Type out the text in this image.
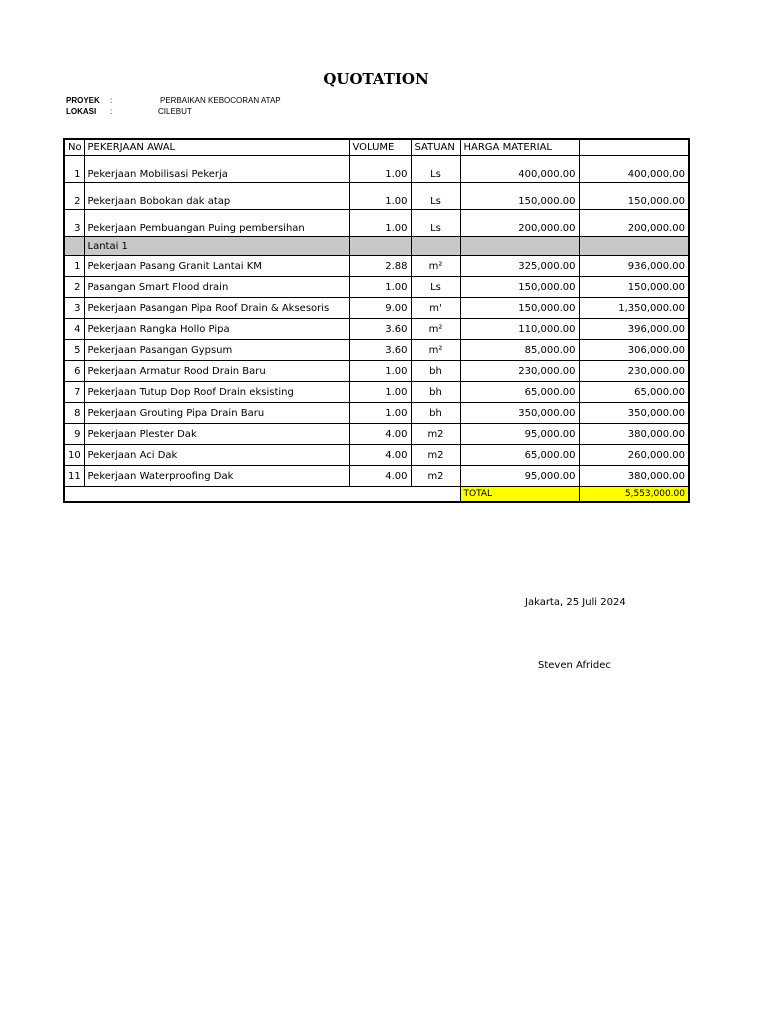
QUOTATION
PROYEK :	PERBAIKAN KEBOCORAN ATAP
LOKASI :	CILEBUT
No	PEKERJAAN AWAL	VOLUME	SATUAN	HARGA MATERIAL	
1	Pekerjaan Mobilisasi Pekerja	1.00	Ls	400,000.00	400,000.00
2	Pekerjaan Bobokan dak atap	1.00	Ls	150,000.00	150,000.00
3	Pekerjaan Pembuangan Puing pembersihan	1.00	Ls	200,000.00	200,000.00
	Lantai 1				
1	Pekerjaan Pasang Granit Lantai KM	2.88	m²	325,000.00	936,000.00
2	Pasangan Smart Flood drain	1.00	Ls	150,000.00	150,000.00
3	Pekerjaan Pasangan Pipa Roof Drain & Aksesoris	9.00	m'	150,000.00	1,350,000.00
4	Pekerjaan Rangka Hollo Pipa	3.60	m²	110,000.00	396,000.00
5	Pekerjaan Pasangan Gypsum	3.60	m²	85,000.00	306,000.00
6	Pekerjaan Armatur Rood Drain Baru	1.00	bh	230,000.00	230,000.00
7	Pekerjaan Tutup Dop Roof Drain eksisting	1.00	bh	65,000.00	65,000.00
8	Pekerjaan Grouting Pipa Drain Baru	1.00	bh	350,000.00	350,000.00
9	Pekerjaan Plester Dak	4.00	m2	95,000.00	380,000.00
10	Pekerjaan Aci Dak	4.00	m2	65,000.00	260,000.00
11	Pekerjaan Waterproofing Dak	4.00	m2	95,000.00	380,000.00
				TOTAL	5,553,000.00
Jakarta, 25 Juli 2024
Steven Afridec
